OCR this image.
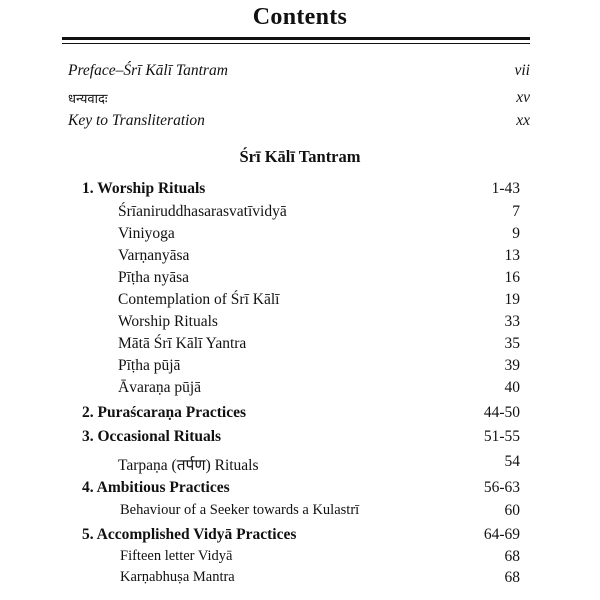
Contents
Preface–Śrī Kālī Tantram	vii
धन्यवादः	xv
Key to Transliteration	xx
Śrī Kālī Tantram
1. Worship Rituals	1-43
Śrīaniruddhasarasvatīvidyā	7
Viniyoga	9
Varṇanyāsa	13
Pīṭha nyāsa	16
Contemplation of Śrī Kālī	19
Worship Rituals	33
Mātā Śrī Kālī Yantra	35
Pīṭha pūjā	39
Āvaraṇa pūjā	40
2. Puraścaraṇa Practices	44-50
3. Occasional Rituals	51-55
Tarpaṇa (तर्पण) Rituals	54
4. Ambitious Practices	56-63
Behaviour of a Seeker towards a Kulastrī	60
5. Accomplished Vidyā Practices	64-69
Fifteen letter Vidyā	68
Karṇabhuṣa Mantra	68
